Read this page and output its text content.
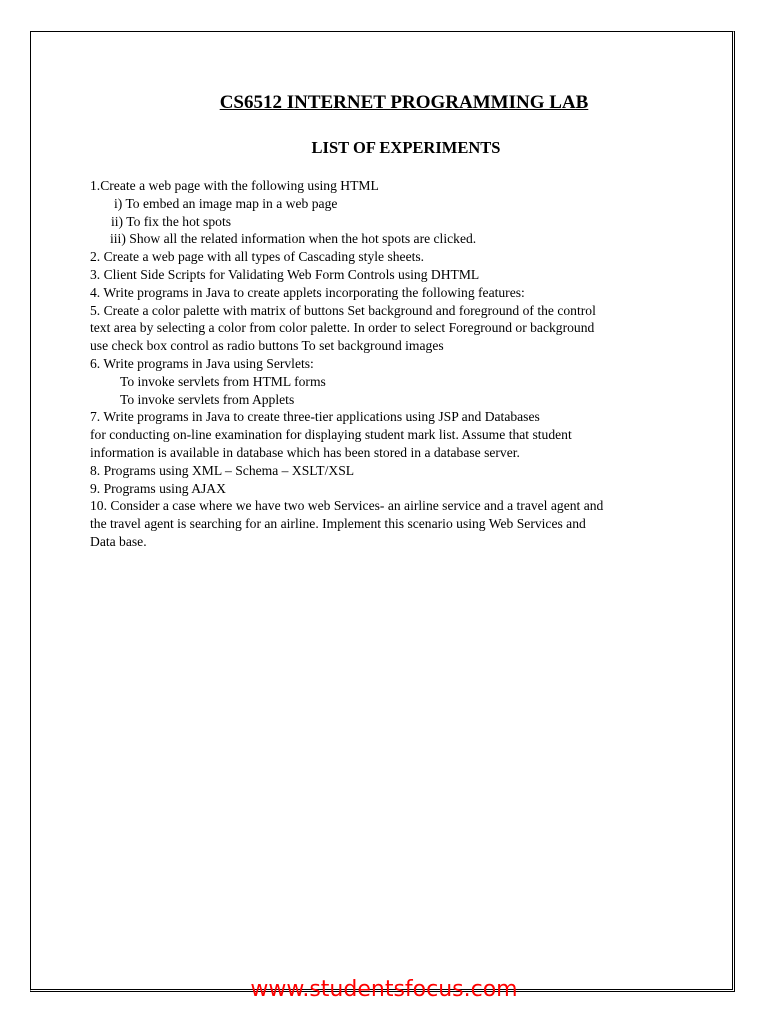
CS6512 INTERNET PROGRAMMING LAB
LIST OF EXPERIMENTS
1.Create a web page with the following using HTML
i) To embed an image map in a web page
ii) To fix the hot spots
iii) Show all the related information when the hot spots are clicked.
2. Create a web page with all types of Cascading style sheets.
3. Client Side Scripts for Validating Web Form Controls using DHTML
4. Write programs in Java to create applets incorporating the following features:
5. Create a color palette with matrix of buttons Set background and foreground of the control
text area by selecting a color from color palette. In order to select Foreground or background
use check box control as radio buttons To set background images
6. Write programs in Java using Servlets:
To invoke servlets from HTML forms
To invoke servlets from Applets
7. Write programs in Java to create three-tier applications using JSP and Databases
for conducting on-line examination for displaying student mark list. Assume that student
information is available in database which has been stored in a database server.
8. Programs using XML – Schema – XSLT/XSL
9. Programs using AJAX
10. Consider a case where we have two web Services- an airline service and a travel agent and
the travel agent is searching for an airline. Implement this scenario using Web Services and
Data base.
www.studentsfocus.com
